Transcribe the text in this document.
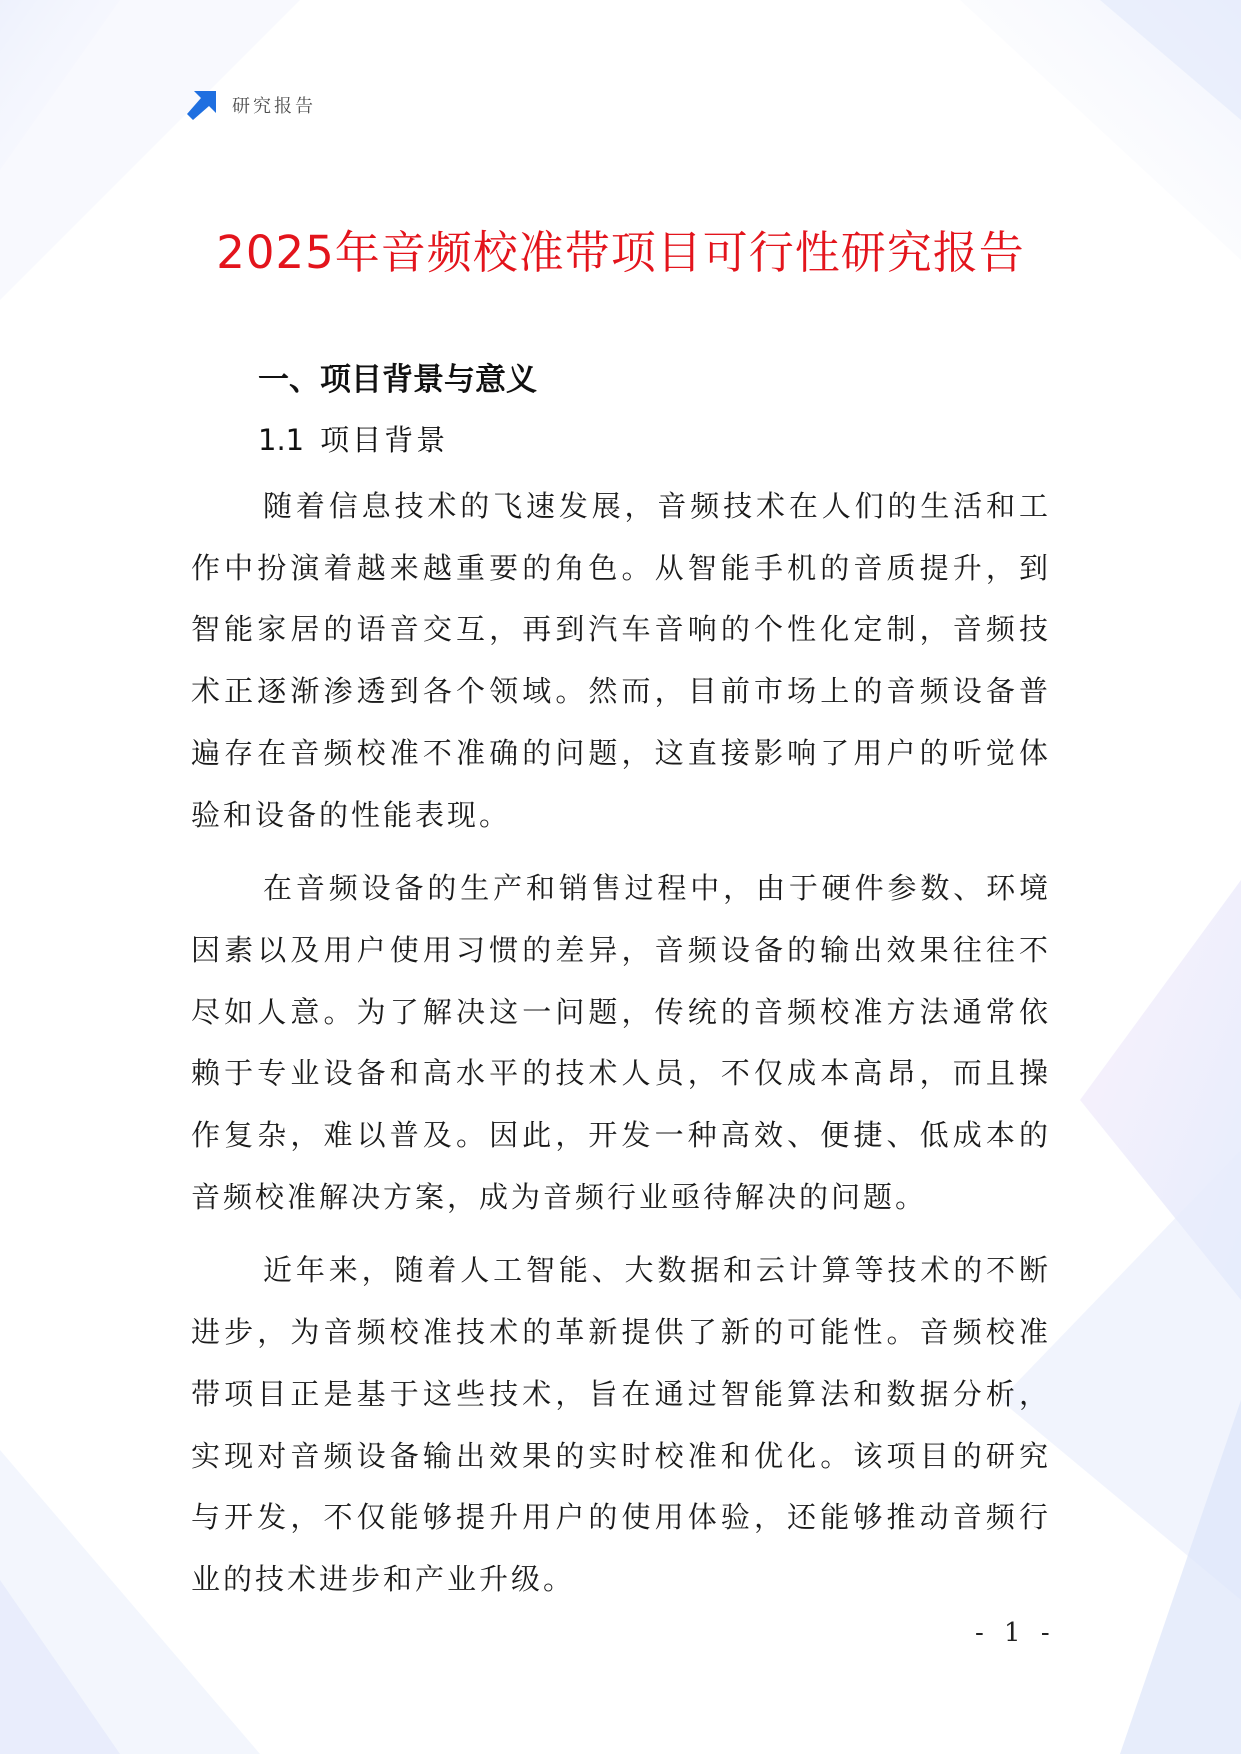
研究报告
2025年音频校准带项目可行性研究报告
一、项目背景与意义
1.1 项目背景

随着信息技术的飞速发展，音频技术在人们的生活和工作中扮演着越来越重要的角色。从智能手机的音质提升，到智能家居的语音交互，再到汽车音响的个性化定制，音频技术正逐渐渗透到各个领域。然而，目前市场上的音频设备普遍存在音频校准不准确的问题，这直接影响了用户的听觉体验和设备的性能表现。

在音频设备的生产和销售过程中，由于硬件参数、环境因素以及用户使用习惯的差异，音频设备的输出效果往往不尽如人意。为了解决这一问题，传统的音频校准方法通常依赖于专业设备和高水平的技术人员，不仅成本高昂，而且操作复杂，难以普及。因此，开发一种高效、便捷、低成本的音频校准解决方案，成为音频行业亟待解决的问题。

近年来，随着人工智能、大数据和云计算等技术的不断进步，为音频校准技术的革新提供了新的可能性。音频校准带项目正是基于这些技术，旨在通过智能算法和数据分析，实现对音频设备输出效果的实时校准和优化。该项目的研究与开发，不仅能够提升用户的使用体验，还能够推动音频行业的技术进步和产业升级。

- 1 -
